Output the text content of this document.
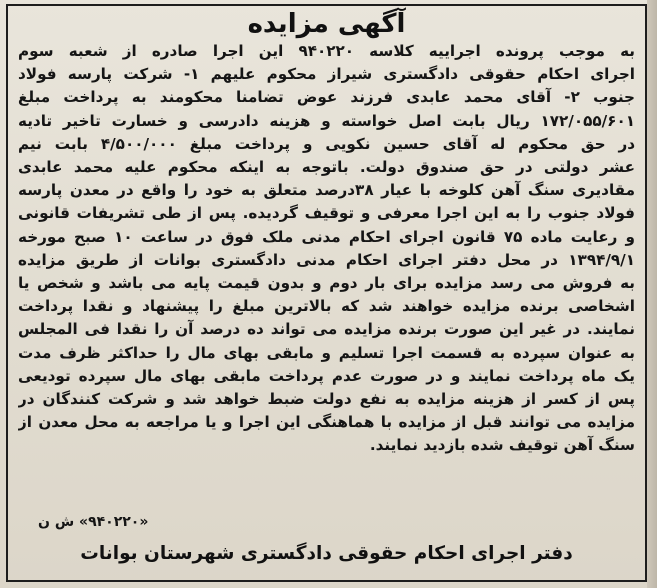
آگهی مزایده
به موجب پرونده اجراییه کلاسه ۹۴۰۲۲۰ این اجرا صادره از شعبه سوم
اجرای احکام حقوقی دادگستری شیراز محکوم علیهم ۱- شرکت پارسه فولاد
جنوب ۲- آقای محمد عابدی فرزند عوض تضامنا محکومند به پرداخت مبلغ
۱۷۲/۰۵۵/۶۰۱ ریال بابت اصل خواسته و هزینه دادرسی و خسارت تاخیر تادیه
در حق محکوم له آقای حسین نکویی و پرداخت مبلغ ۴/۵۰۰/۰۰۰ بابت نیم
عشر دولتی در حق صندوق دولت. باتوجه به اینکه محکوم علیه محمد عابدی
مقادیری سنگ آهن کلوخه با عیار ۳۸درصد متعلق به خود را واقع در معدن پارسه
فولاد جنوب را به این اجرا معرفی و توقیف گردیده. پس از طی تشریفات قانونی
و رعایت ماده ۷۵ قانون اجرای احکام مدنی ملک فوق در ساعت ۱۰ صبح مورخه
۱۳۹۴/۹/۱ در محل دفتر اجرای احکام مدنی دادگستری بوانات از طریق مزایده
به فروش می رسد مزایده برای بار دوم و بدون قیمت پایه می باشد و شخص یا
اشخاصی برنده مزایده خواهند شد که بالاترین مبلغ را پیشنهاد و نقدا پرداخت
نمایند. در غیر این صورت برنده مزایده می تواند ده درصد آن را نقدا فی المجلس
به عنوان سپرده به قسمت اجرا تسلیم و مابقی بهای مال را حداکثر ظرف مدت
یک ماه پرداخت نمایند و در صورت عدم پرداخت مابقی بهای مال سپرده تودیعی
پس از کسر از هزینه مزایده به نفع دولت ضبط خواهد شد و شرکت کنندگان در
مزایده می توانند قبل از مزایده با هماهنگی این اجرا و یا مراجعه به محل معدن از
سنگ آهن توقیف شده بازدید نمایند.
«۹۴۰۲۲۰» ش ن
دفتر اجرای احکام حقوقی دادگستری شهرستان بوانات
